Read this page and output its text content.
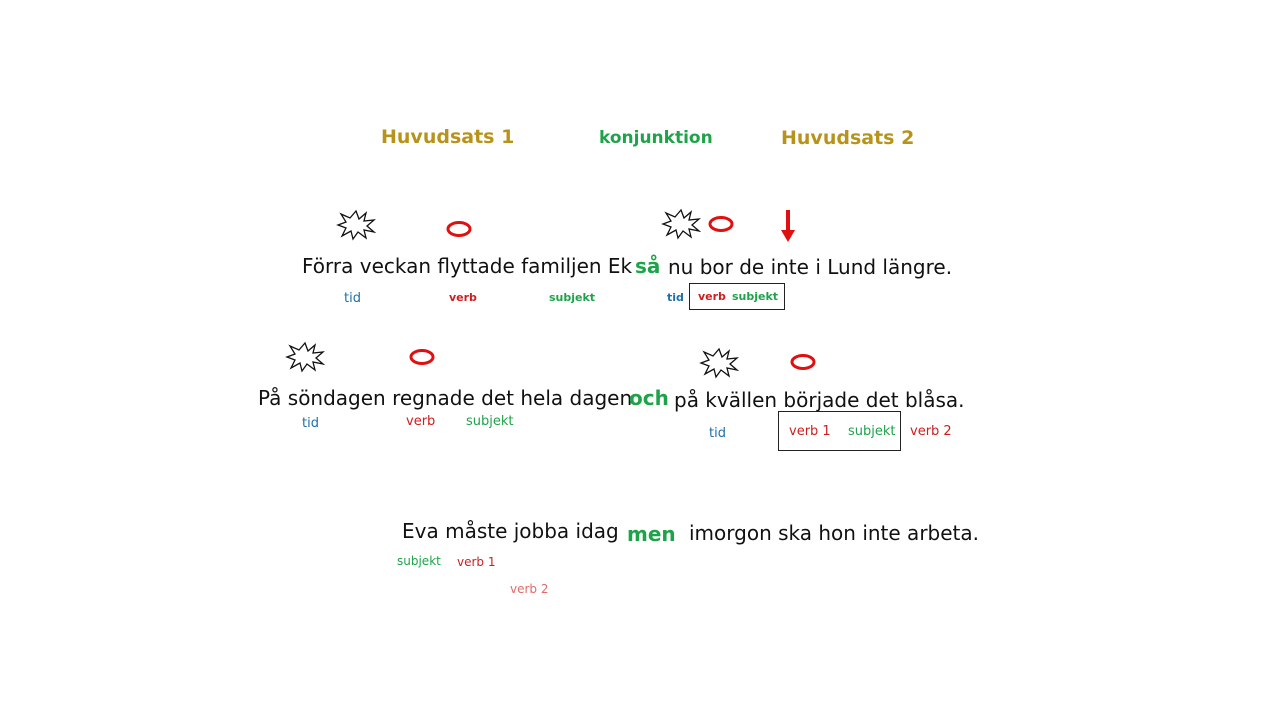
Huvudsats 1	konjunktion	Huvudsats 2
Förra veckan flyttade familjen Ek så nu bor de inte i Lund längre.
tid	verb	subjekt	tid verb subjekt
På söndagen regnade det hela dagen
och på kvällen började det blåsa.
tid	verb subjekt
tid	verb 1 subjekt verb 2
Eva måste jobba idag men imorgon ska hon inte arbeta.
subjekt verb 1
verb 2
